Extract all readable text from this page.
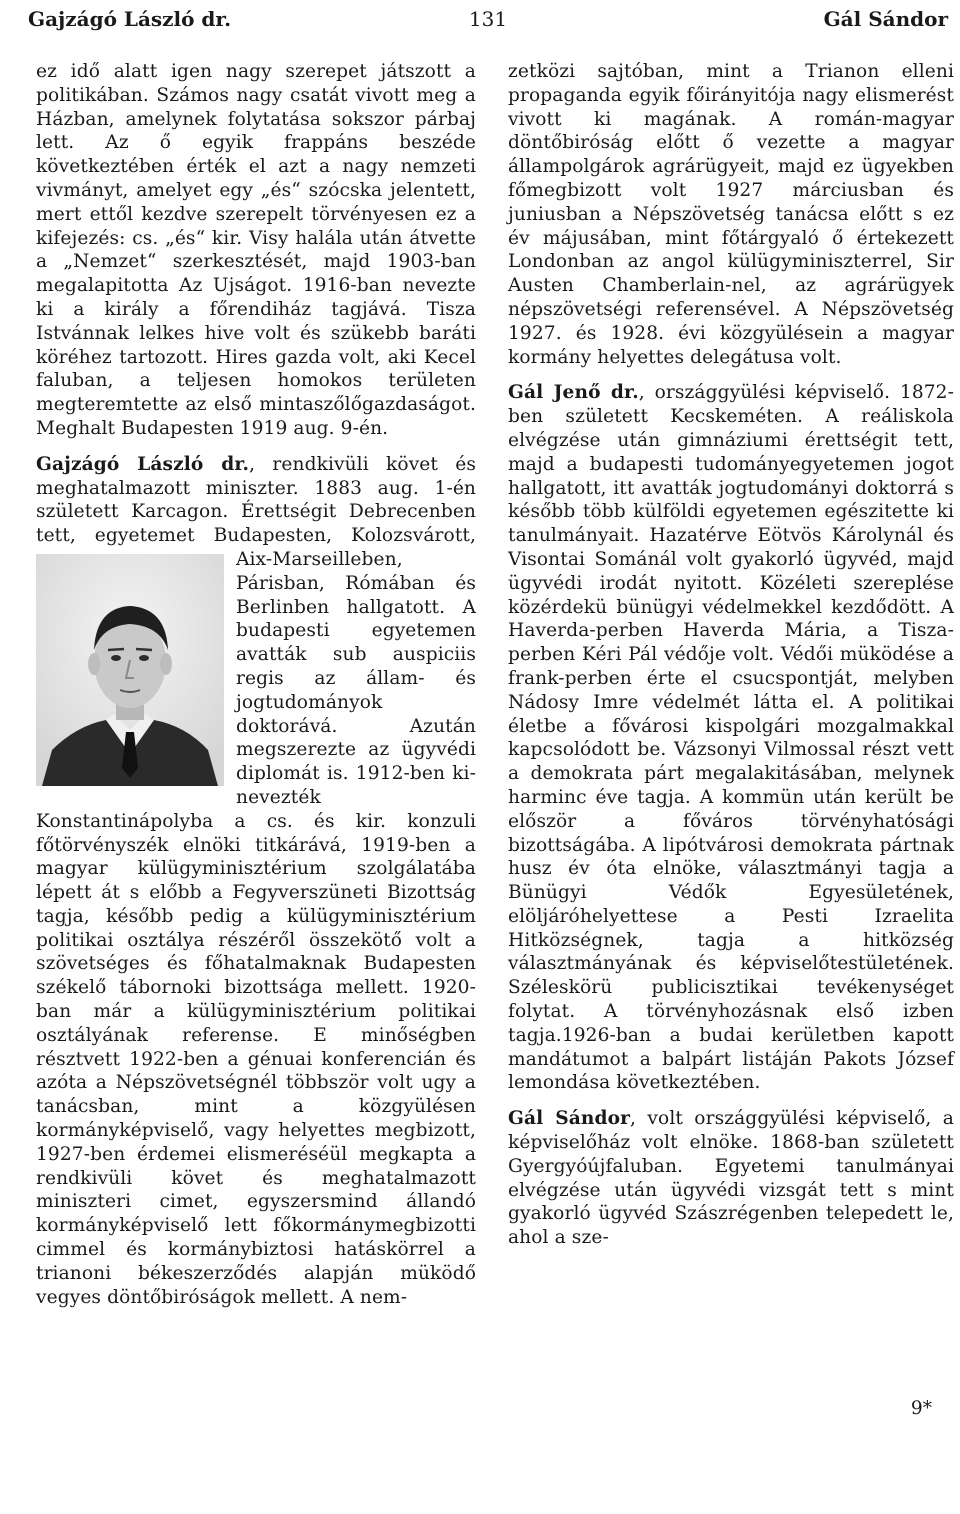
Gajzágó László dr.	131	Gál Sándor

ez idő alatt igen nagy szerepet játszott a politikában. Számos nagy csatát vivott meg a Házban, amelynek folytatása sokszor párbaj lett. Az ő egyik frappáns beszéde következtében érték el azt a nagy nemzeti vivmányt, amelyet egy „és“ szócska jelentett, mert ettől kezdve szerepelt törvényesen ez a kifejezés: cs. „és“ kir. Visy halála után átvette a „Nemzet“ szerkesztését, majd 1903-ban megalapitotta Az Ujságot. 1916-ban nevezte ki a király a főrendiház tagjává. Tisza Istvánnak lelkes hive volt és szükebb baráti köréhez tartozott. Hires gazda volt, aki Kecel faluban, a teljesen homokos területen megteremtette az első mintaszőlőgazdaságot. Meghalt Budapesten 1919 aug. 9-én.

Gajzágó László dr., rendkivüli követ és meghatalmazott miniszter. 1883 aug. 1-én született Karcagon. Érettségit Debrecenben tett, egyetemet Budapesten, Kolozsvárott, Aix-Marseilleben, Párisban, Rómában és Berlinben hallgatott. A budapesti egyetemen avatták sub auspiciis regis az állam- és jogtudományok doktorává. Azután megszerezte az ügyvédi diplomát is. 1912-ben ki- nevezték Konstantinápolyba a cs. és kir. konzuli főtörvényszék elnöki titkárává, 1919-ben a magyar külügyminisztérium szolgálatába lépett át s előbb a Fegyverszüneti Bizottság tagja, később pedig a külügyminisztérium politikai osztálya részéről összekötő volt a szövetséges és főhatalmaknak Budapesten székelő tábornoki bizottsága mellett. 1920-ban már a külügyminisztérium politikai osztályának referense. E minőségben résztvett 1922-ben a génuai konferencián és azóta a Népszövetségnél többször volt ugy a tanácsban, mint a közgyülésen kormányképviselő, vagy helyettes megbizott, 1927-ben érdemei elismeréséül megkapta a rendkivüli követ és meghatalmazott miniszteri cimet, egyszersmind állandó kormányképviselő lett főkormánymegbizotti cimmel és kormánybiztosi hatáskörrel a trianoni békeszerződés alapján müködő vegyes döntőbiróságok mellett. A nem-

zetközi sajtóban, mint a Trianon elleni propaganda egyik főirányitója nagy elismerést vivott ki magának. A román-magyar döntőbiróság előtt ő vezette a magyar állampolgárok agrárügyeit, majd ez ügyekben főmegbizott volt 1927 márciusban és juniusban a Népszövetség tanácsa előtt s ez év májusában, mint főtárgyaló ő értekezett Londonban az angol külügyminiszterrel, Sir Austen Chamberlain-nel, az agrárügyek népszövetségi referensével. A Népszövetség 1927. és 1928. évi közgyülésein a magyar kormány helyettes delegátusa volt.

Gál Jenő dr., országgyülési képviselő. 1872-ben született Kecskeméten. A reáliskola elvégzése után gimnáziumi érettségit tett, majd a budapesti tudományegyetemen jogot hallgatott, itt avatták jogtudományi doktorrá s később több külföldi egyetemen egészitette ki tanulmányait. Hazatérve Eötvös Károlynál és Visontai Sománál volt gyakorló ügyvéd, majd ügyvédi irodát nyitott. Közéleti szereplése közérdekü bünügyi védelmekkel kezdődött. A Haverda-perben Haverda Mária, a Tisza-perben Kéri Pál védője volt. Védői müködése a frank-perben érte el csucspontját, melyben Nádosy Imre védelmét látta el. A politikai életbe a fővárosi kispolgári mozgalmakkal kapcsolódott be. Vázsonyi Vilmossal részt vett a demokrata párt megalakitásában, melynek harminc éve tagja. A kommün után került be először a főváros törvényhatósági bizottságába. A lipótvárosi demokrata pártnak husz év óta elnöke, választmányi tagja a Bünügyi Védők Egyesületének, elöljáróhelyettese a Pesti Izraelita Hitközségnek, tagja a hitközség választmányának és képviselőtestületének. Széleskörü publicisztikai tevékenységet folytat. A törvényhozásnak első izben tagja.1926-ban a budai kerületben kapott mandátumot a balpárt listáján Pakots József lemondása következtében.

Gál Sándor, volt országgyülési képviselő, a képviselőház volt elnöke. 1868-ban született Gyergyóújfaluban. Egyetemi tanulmányai elvégzése után ügyvédi vizsgát tett s mint gyakorló ügyvéd Szászrégenben telepedett le, ahol a sze-

9*
